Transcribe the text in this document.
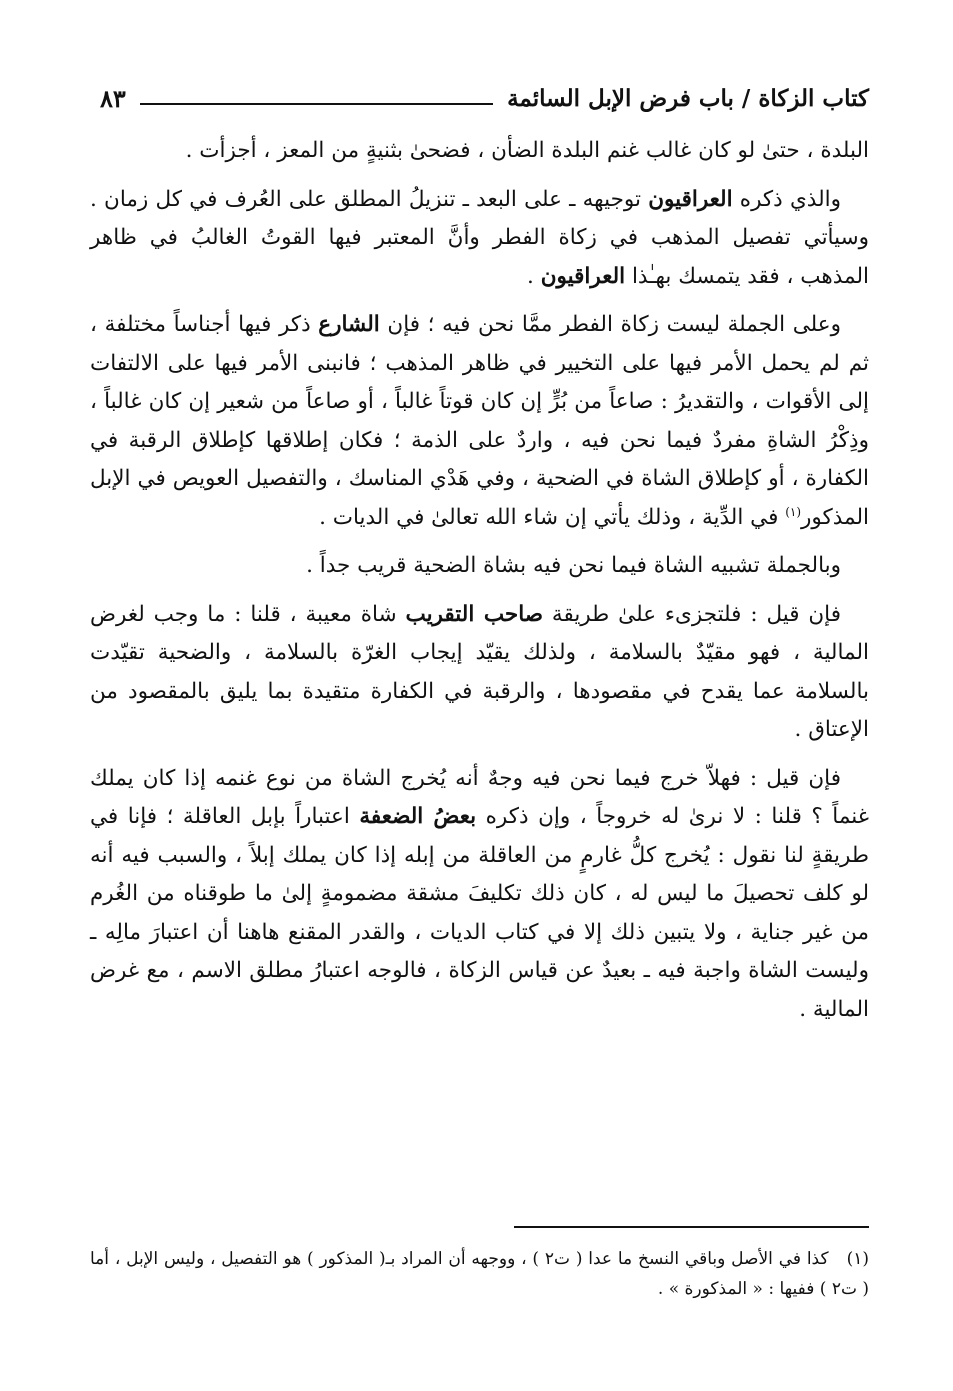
كتاب الزكاة / باب فرض الإبل السائمة
٨٣

البلدة ، حتىٰ لو كان غالب غنم البلدة الضأن ، فضحىٰ بثنيةٍ من المعز ، أجزأت .

والذي ذكره العراقيون توجيهه ـ على البعد ـ تنزيلُ المطلق على العُرف في كل زمان . وسيأتي تفصيل المذهب في زكاة الفطر وأنَّ المعتبر فيها القوتُ الغالبُ في ظاهر المذهب ، فقد يتمسك بهـٰذا العراقيون .

وعلى الجملة ليست زكاة الفطر ممَّا نحن فيه ؛ فإن الشارع ذكر فيها أجناساً مختلفة ، ثم لم يحمل الأمر فيها على التخيير في ظاهر المذهب ؛ فانبنى الأمر فيها على الالتفات إلى الأقوات ، والتقديرُ : صاعاً من بُرٍّ إن كان قوتاً غالباً ، أو صاعاً من شعير إن كان غالباً ، وذِكْرُ الشاةِ مفردٌ فيما نحن فيه ، واردٌ على الذمة ؛ فكان إطلاقها كإطلاق الرقبة في الكفارة ، أو كإطلاق الشاة في الضحية ، وفي هَدْي المناسك ، والتفصيل العويص في الإبل المذكور$^{(١)}$ في الدِّية ، وذلك يأتي إن شاء الله تعالىٰ في الديات .

وبالجملة تشبيه الشاة فيما نحن فيه بشاة الضحية قريب جداً .

فإن قيل : فلتجزىء علىٰ طريقة صاحب التقريب شاة معيبة ، قلنا : ما وجب لغرض المالية ، فهو مقيّدٌ بالسلامة ، ولذلك يقيّد إيجاب الغرّة بالسلامة ، والضحية تقيّدت بالسلامة عما يقدح في مقصودها ، والرقبة في الكفارة متقيدة بما يليق بالمقصود من الإعتاق .

فإن قيل : فهلاّ خرج فيما نحن فيه وجهٌ أنه يُخرج الشاة من نوع غنمه إذا كان يملك غنماً ؟ قلنا : لا نرىٰ له خروجاً ، وإن ذكره بعضُ الضعفة اعتباراً بإبل العاقلة ؛ فإنا في طريقةٍ لنا نقول : يُخرج كلُّ غارمٍ من العاقلة من إبله إذا كان يملك إبلاً ، والسبب فيه أنه لو كلف تحصيلَ ما ليس له ، كان ذلك تكليفَ مشقة مضمومةٍ إلىٰ ما طوقناه من الغُرم من غير جناية ، ولا يتبين ذلك إلا في كتاب الديات ، والقدر المقنع هاهنا أن اعتبارَ مالِه ـ وليست الشاة واجبة فيه ـ بعيدٌ عن قياس الزكاة ، فالوجه اعتبارُ مطلق الاسم ، مع غرض المالية .

(١)كذا في الأصل وباقي النسخ ما عدا ( ت٢ ) ، ووجهه أن المراد بـ( المذكور ) هو التفصيل ، وليس الإبل ، أما ( ت٢ ) ففيها : « المذكورة » .
